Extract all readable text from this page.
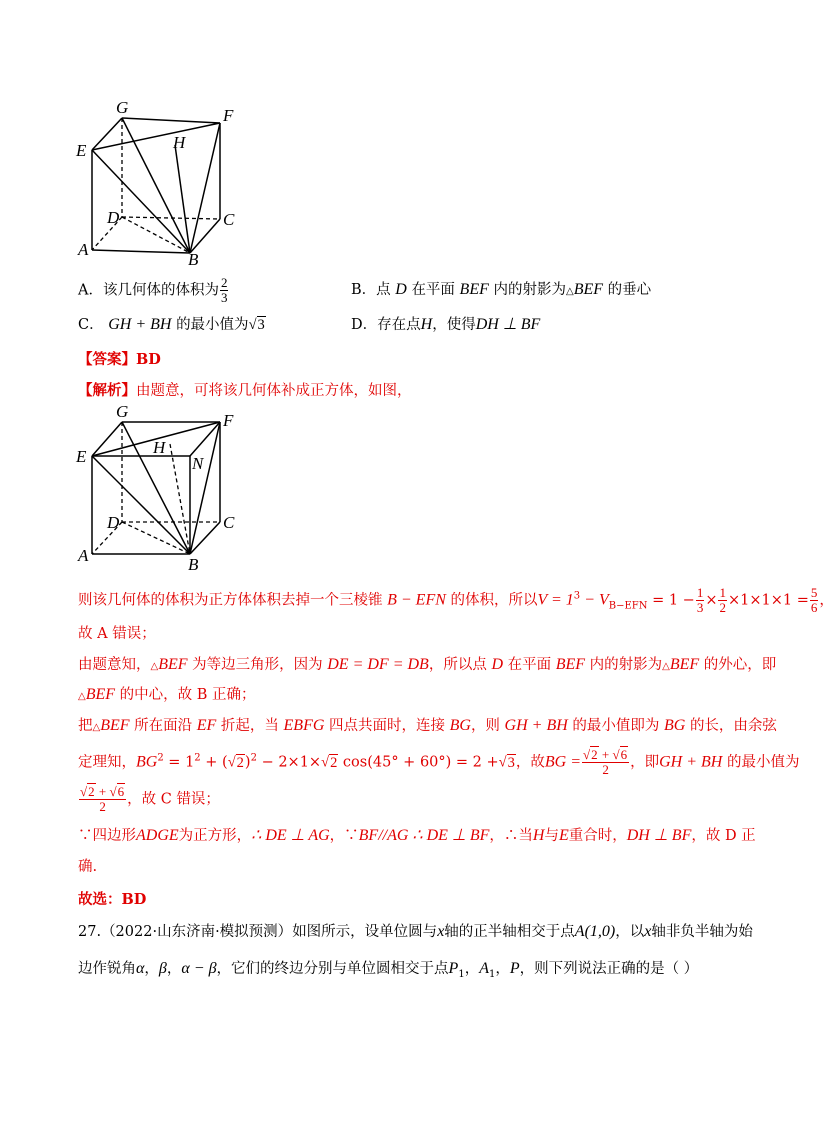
G	F
E	H
D	C
A
B
A．该几何体的体积为 $\frac{2}{3}$	B．点 D 在平面 BEF 内的射影为△BEF 的垂心
C． GH + BH 的最小值为√3	D．存在点H，使得DH ⊥ BF
【答案】BD
【解析】由题意，可将该几何体补成正方体，如图，
G	F
E	H
N
D	C
A	B
则该几何体的体积为正方体体积去掉一个三棱锥 B − EFN 的体积，所以$V = 1^3 - V_{B-EFN} = 1 - \frac{1}{3} \times \frac{1}{2} \times 1\times 1\times 1 = \frac{5}{6}$ ，
故 A 错误；
由题意知，△BEF 为等边三角形，因为 DE = DF = DB，所以点 D 在平面 BEF 内的射影为△BEF 的外心，即
△BEF 的中心，故 B 正确；
把△BEF 所在面沿 EF 折起，当 EBFG 四点共面时，连接 BG，则 GH + BH 的最小值即为 BG 的长，由余弦
定理知，$BG^2 = 1^2 + (√2)^2 - 2\times 1\times√2$ cos(45° + 60°) = 2 +√3，故BG = $\frac{√2 + √6}{2}$ ，即GH + BH 的最小值为
$\frac{√2 + √6}{2}$ ，故 C 错误；
∵四边形ADGE为正方形，∴ DE ⊥ AG，∵BF//AG ∴ DE ⊥ BF，∴当H与E重合时，DH ⊥ BF，故 D 正
确.
故选：BD
27.（2022·山东济南·模拟预测）如图所示，设单位圆与x轴的正半轴相交于点A(1,0)，以x轴非负半轴为始
边作锐角α，β，α − β，它们的终边分别与单位圆相交于点$P_1$，$A_1$，P，则下列说法正确的是（ ）
